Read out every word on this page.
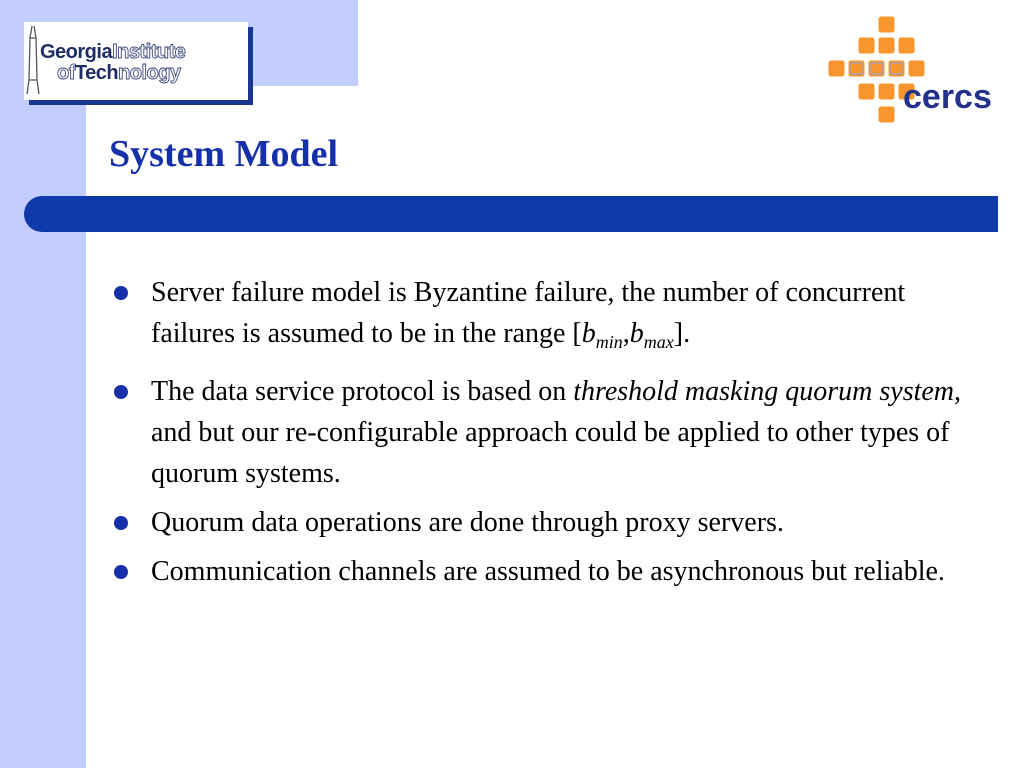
GeorgiaInstitute
ofTechnology
cercs
System Model
Server failure model is Byzantine failure, the number of concurrent failures is assumed to be in the range $[b_{min},b_{max}]$.
The data service protocol is based on threshold masking quorum system, and but our re-configurable approach could be applied to other types of quorum systems.
Quorum data operations are done through proxy servers.
Communication channels are assumed to be asynchronous but reliable.
